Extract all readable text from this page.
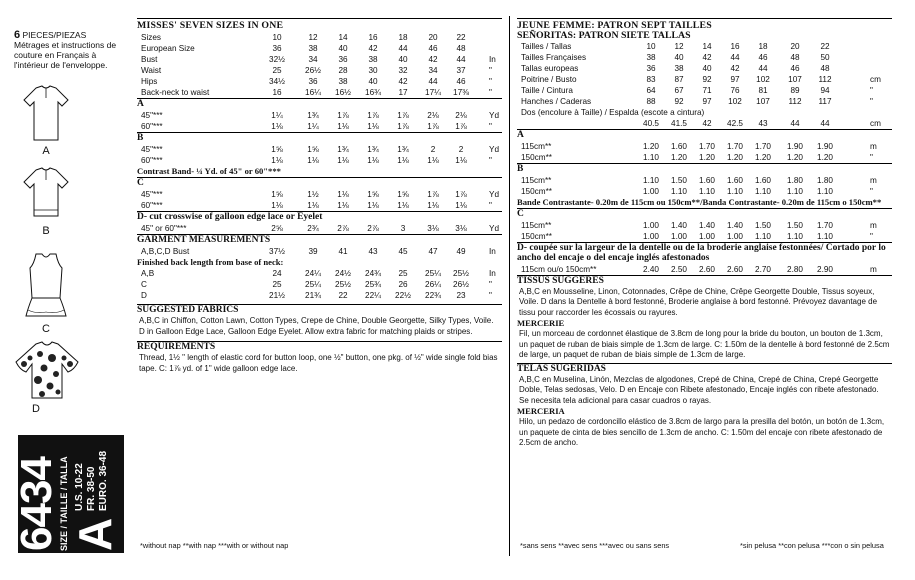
6 PIECES/PIEZAS
Métrages et instructions de couture en Français à l'intérieur de l'enveloppe.
A
B
C
D
6434
SIZE / TAILLE / TALLA A
U.S. 10-22
FR. 38-50
EURO. 36-48
MISSES' SEVEN SIZES IN ONE
Sizes	10	12	14	16	18	20	22
European Size	36	38	40	42	44	46	48
Bust	32½	34	36	38	40	42	44	In
Waist	25	26½	28	30	32	34	37	"
Hips	34½	36	38	40	42	44	46	"
Back-neck to waist	16	16¼	16½	16¾	17	17¼	17⅜	"
A
45"***	1¼	1¾	1⅞	1⅞	1⅞	2⅛	2⅛	Yd
60"***	1⅛	1¼	1⅛	1⅛	1⅞	1⅞	1⅞	"
B
45"***	1⅝	1⅝	1¾	1¾	1¾	2	2	Yd
60"***	1⅛	1⅛	1⅛	1⅛	1⅛	1⅛	1⅛	"
Contrast Band- ¼ Yd. of 45" or 60"***
C
45"***	1⅝	1½	1⅛	1⅝	1⅝	1⅞	1⅞	Yd
60"***	1⅛	1⅛	1⅛	1⅛	1⅛	1⅛	1⅛	"
D- cut crosswise of galloon edge lace or Eyelet
45" or 60"***	2⅝	2¾	2⅞	2⅞	3	3⅛	3⅛	Yd
GARMENT MEASUREMENTS
A,B,C,D Bust	37½	39	41	43	45	47	49	In
Finished back length from base of neck:
A,B	24	24¼	24½	24¾	25	25¼	25½	In
C	25	25¼	25½	25¾	26	26¼	26½	"
D	21½	21¾	22	22¼	22½	22¾	23	"
SUGGESTED FABRICS
A,B,C in Chiffon, Cotton Lawn, Cotton Types, Crepe de Chine, Double Georgette, Silky Types, Voile. D in Galloon Edge Lace, Galloon Edge Eyelet. Allow extra fabric for matching plaids or stripes.
REQUIREMENTS
Thread, 1½ " length of elastic cord for button loop, one ½" button, one pkg. of ½" wide single fold bias tape. C: 1⅞ yd. of 1" wide galloon edge lace.
*without nap **with nap ***with or without nap
JEUNE FEMME: PATRON SEPT TAILLES
SEÑORITAS: PATRON SIETE TALLAS
Tailles / Tallas	10	12	14	16	18	20	22
Tailles Françaises	38	40	42	44	46	48	50
Tallas europeas	36	38	40	42	44	46	48
Poitrine / Busto	83	87	92	97	102	107	112	cm
Taille / Cintura	64	67	71	76	81	89	94	"
Hanches / Caderas	88	92	97	102	107	112	117	"
Dos (encolure à Taille) / Espalda (escote a cintura)
40.5	41.5	42	42.5	43	44	44	cm
A
115cm**	1.20	1.60	1.70	1.70	1.70	1.90	1.90	m
150cm**	1.10	1.20	1.20	1.20	1.20	1.20	1.20	"
B
115cm**	1.10	1.50	1.60	1.60	1.60	1.80	1.80	m
150cm**	1.00	1.10	1.10	1.10	1.10	1.10	1.10	"
Bande Contrastante- 0.20m de 115cm ou 150cm**/Banda Contrastante- 0.20m de 115cm o 150cm**
C
115cm**	1.00	1.40	1.40	1.40	1.50	1.50	1.70	m
150cm**	1.00	1.00	1.00	1.00	1.10	1.10	1.10	"
D- coupée sur la largeur de la dentelle ou de la broderie anglaise festonnées/ Cortado por lo ancho del encaje o del encaje inglés afestonados
115cm ou/o 150cm**	2.40	2.50	2.60	2.60	2.70	2.80	2.90	m
TISSUS SUGGERES
A,B,C en Mousseline, Linon, Cotonnades, Crêpe de Chine, Crêpe Georgette Double, Tissus soyeux, Voile. D dans la Dentelle à bord festonné, Broderie anglaise à bord festonné. Prévoyez davantage de tissu pour raccorder les écossais ou rayures.
MERCERIE
Fil, un morceau de cordonnet élastique de 3.8cm de long pour la bride du bouton, un bouton de 1.3cm, un paquet de ruban de biais simple de 1.3cm de large. C: 1.50m de la dentelle à bord festonné de 2.5cm de large, un paquet de ruban de biais simple de 1.3cm de large.
TELAS SUGERIDAS
A,B,C en Muselina, Linón, Mezclas de algodones, Crepé de China, Crepé de China, Crepé Georgette Doble, Telas sedosas, Velo. D en Encaje con Ribete afestonado, Encaje inglés con ribete afestonado. Se necesita tela adicional para casar cuadros o rayas.
MERCERIA
Hilo, un pedazo de cordoncillo elástico de 3.8cm de largo para la presilla del botón, un botón de 1.3cm, un paquete de cinta de bies sencillo de 1.3cm de ancho. C: 1.50m del encaje con ribete afestonado de 2.5cm de ancho.
*sans sens **avec sens ***avec ou sans sens	*sin pelusa **con pelusa ***con o sin pelusa
